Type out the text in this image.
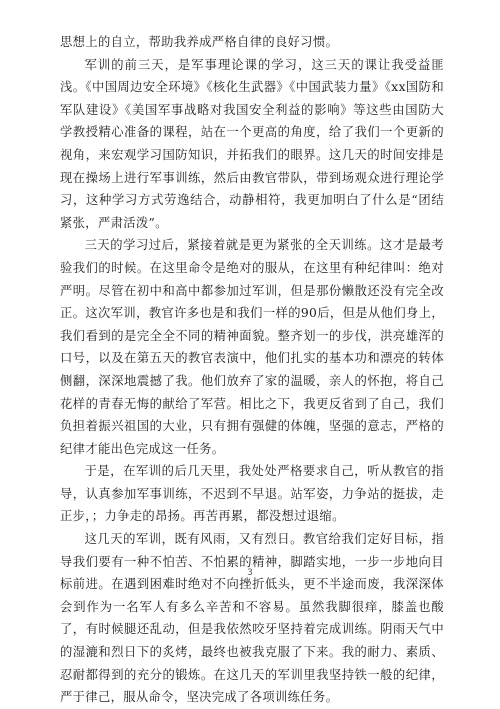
思想上的自立，帮助我养成严格自律的良好习惯。

军训的前三天，是军事理论课的学习，这三天的课让我受益匪浅。《中国周边安全环境》《核化生武器》《中国武装力量》《xx国防和军队建设》《美国军事战略对我国安全利益的影响》等这些由国防大学教授精心准备的课程，站在一个更高的角度，给了我们一个更新的视角，来宏观学习国防知识，并拓我们的眼界。这几天的时间安排是现在操场上进行军事训练，然后由教官带队，带到场观众进行理论学习，这种学习方式劳逸结合，动静相符，我更加明白了什么是“团结紧张，严肃活泼”。

三天的学习过后，紧接着就是更为紧张的全天训练。这才是最考验我们的时候。在这里命令是绝对的服从，在这里有种纪律叫：绝对严明。尽管在初中和高中都参加过军训，但是那份懒散还没有完全改正。这次军训，教官许多也是和我们一样的90后，但是从他们身上，我们看到的是完全全不同的精神面貌。整齐划一的步伐，洪亮雄浑的口号，以及在第五天的教官表演中，他们扎实的基本功和漂亮的转体侧翻，深深地震撼了我。他们放弃了家的温暖，亲人的怀抱，将自己花样的青春无悔的献给了军营。相比之下，我更反省到了自己，我们负担着振兴祖国的大业，只有拥有强健的体魄，坚强的意志，严格的纪律才能出色完成这一任务。

于是，在军训的后几天里，我处处严格要求自己，听从教官的指导，认真参加军事训练，不迟到不早退。站军姿，力争站的挺拔，走正步，；力争走的昂扬。再苦再累，都没想过退缩。

这几天的军训，既有风雨，又有烈日。教官给我们定好目标，指导我们要有一种不怕苦、不怕累的精神，脚踏实地，一步一步地向目标前进。在遇到困难时绝对不向挫折低头，更不半途而废，我深深体会到作为一名军人有多么辛苦和不容易。虽然我脚很痒，膝盖也酸了，有时候腿还乱动，但是我依然咬牙坚持着完成训练。阴雨天气中的湿漉和烈日下的炙烤，最终也被我克服了下来。我的耐力、素质、忍耐都得到的充分的锻炼。在这几天的军训里我坚持铁一般的纪律，严于律己，服从命令，坚决完成了各项训练任务。

3
